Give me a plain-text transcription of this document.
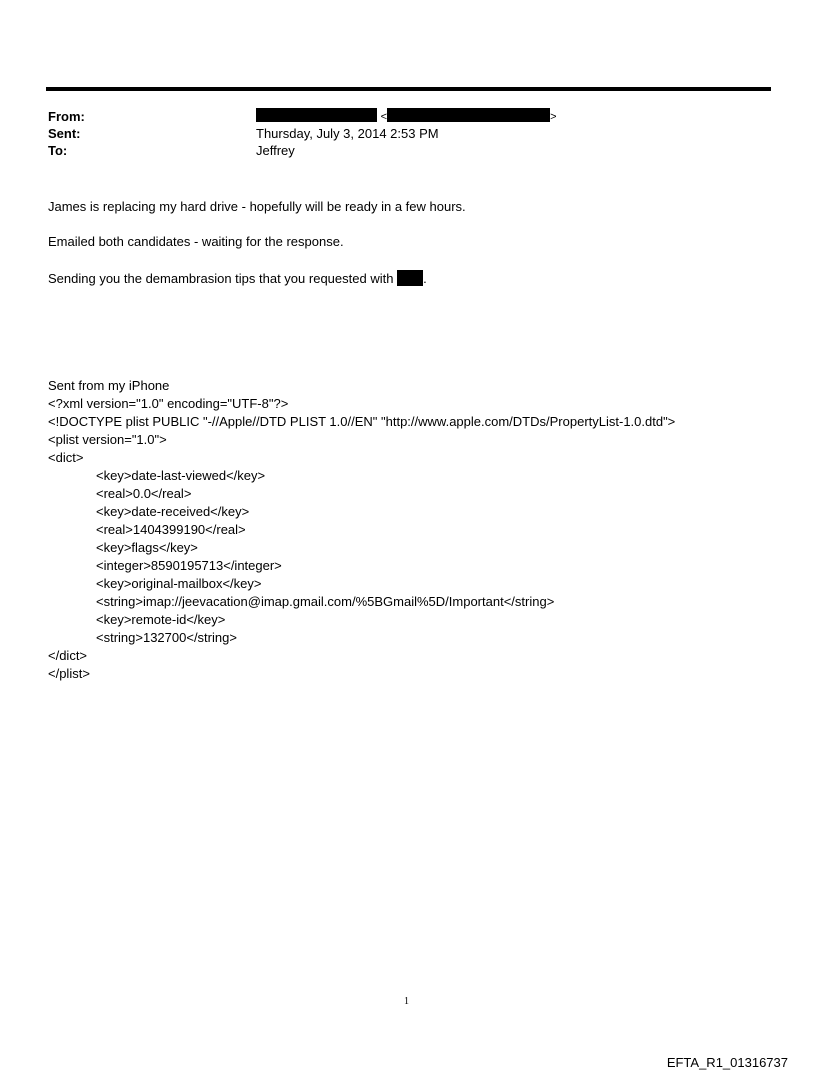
From:
Sent:
To:
<	>
Thursday, July 3, 2014 2:53 PM
Jeffrey
James is replacing my hard drive - hopefully will be ready in a few hours.
Emailed both candidates - waiting for the response.
Sending you the demambrasion tips that you requested with .
Sent from my iPhone
<?xml version="1.0" encoding="UTF-8"?>
<!DOCTYPE plist PUBLIC "-//Apple//DTD PLIST 1.0//EN" "http://www.apple.com/DTDs/PropertyList-1.0.dtd">
<plist version="1.0">
<dict>
<key>date-last-viewed</key>
<real>0.0</real>
<key>date-received</key>
<real>1404399190</real>
<key>flags</key>
<integer>8590195713</integer>
<key>original-mailbox</key>
<string>imap://jeevacation@imap.gmail.com/%5BGmail%5D/Important</string>
<key>remote-id</key>
<string>132700</string>
</dict>
</plist>
1
EFTA_R1_01316737
